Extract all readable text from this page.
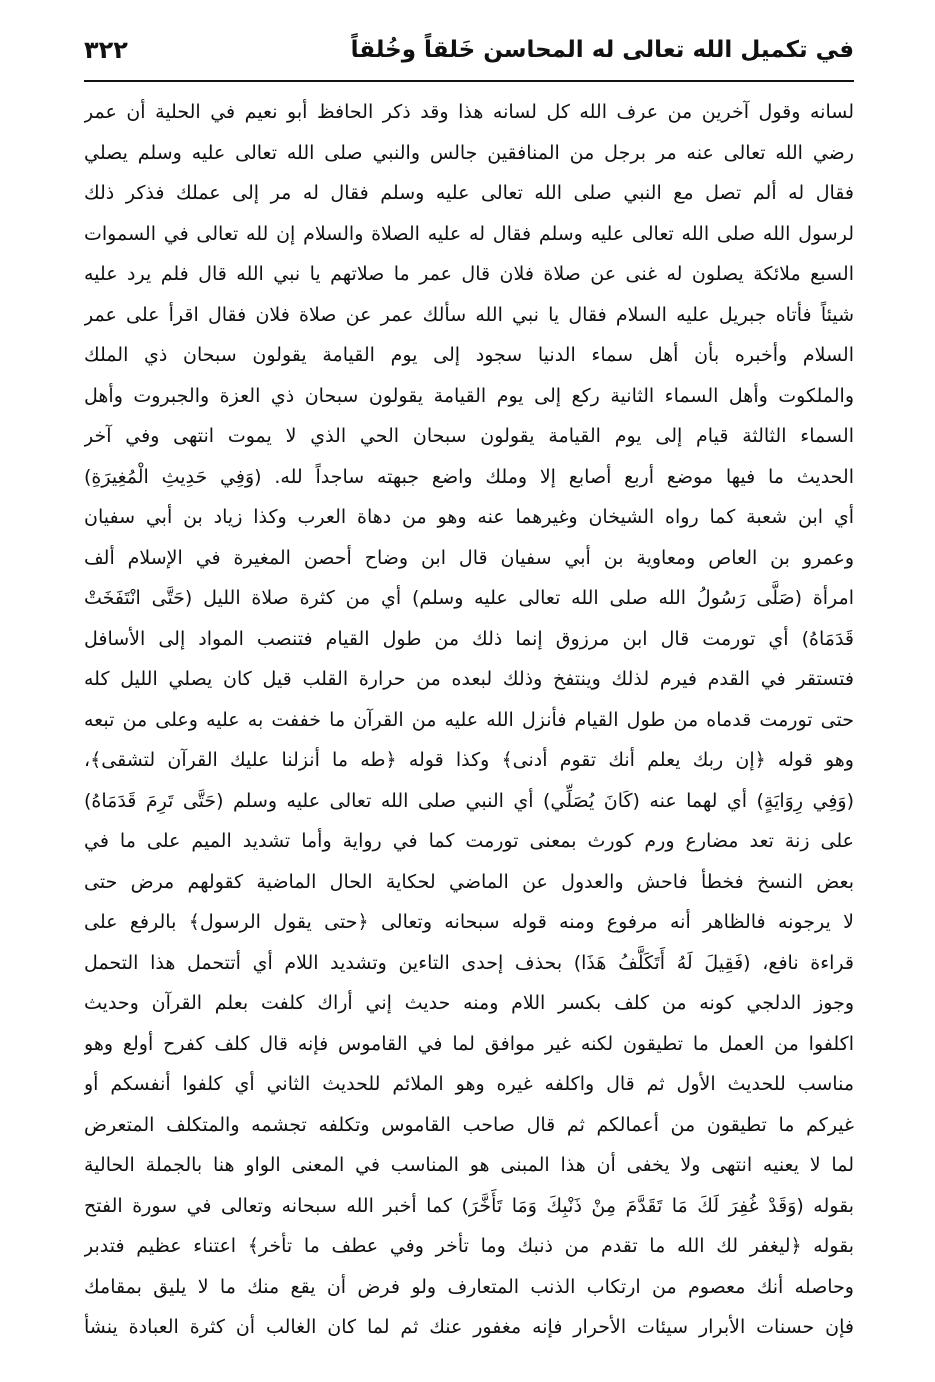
في تكميل الله تعالى له المحاسن خَلقاً وخُلقاً
٣٢٢
لسانه وقول آخرين من عرف الله كل لسانه هذا وقد ذكر الحافظ أبو نعيم في الحلية أن عمر
رضي الله تعالى عنه مر برجل من المنافقين جالس والنبي صلى الله تعالى عليه وسلم يصلي
فقال له ألم تصل مع النبي صلى الله تعالى عليه وسلم فقال له مر إلى عملك فذكر ذلك
لرسول الله صلى الله تعالى عليه وسلم فقال له عليه الصلاة والسلام إن لله تعالى في السموات
السبع ملائكة يصلون له غنى عن صلاة فلان قال عمر ما صلاتهم يا نبي الله قال فلم يرد عليه
شيئاً فأتاه جبريل عليه السلام فقال يا نبي الله سألك عمر عن صلاة فلان فقال اقرأ على عمر
السلام وأخبره بأن أهل سماء الدنيا سجود إلى يوم القيامة يقولون سبحان ذي الملك
والملكوت وأهل السماء الثانية ركع إلى يوم القيامة يقولون سبحان ذي العزة والجبروت وأهل
السماء الثالثة قيام إلى يوم القيامة يقولون سبحان الحي الذي لا يموت انتهى وفي آخر
الحديث ما فيها موضع أربع أصابع إلا وملك واضع جبهته ساجداً لله. (وَفِي حَدِيثِ الْمُغِيرَةِ)
أي ابن شعبة كما رواه الشيخان وغيرهما عنه وهو من دهاة العرب وكذا زياد بن أبي سفيان
وعمرو بن العاص ومعاوية بن أبي سفيان قال ابن وضاح أحصن المغيرة في الإسلام ألف
امرأة (صَلَّى رَسُولُ الله صلى الله تعالى عليه وسلم) أي من كثرة صلاة الليل (حَتَّى انْتَفَخَتْ
قَدَمَاهُ) أي تورمت قال ابن مرزوق إنما ذلك من طول القيام فتنصب المواد إلى الأسافل
فتستقر في القدم فيرم لذلك وينتفخ وذلك لبعده من حرارة القلب قيل كان يصلي الليل كله
حتى تورمت قدماه من طول القيام فأنزل الله عليه من القرآن ما خففت به عليه وعلى من تبعه
وهو قوله ﴿إن ربك يعلم أنك تقوم أدنى﴾ وكذا قوله ﴿طه ما أنزلنا عليك القرآن لتشقى﴾،
(وَفِي رِوَايَةٍ) أي لهما عنه (كَانَ يُصَلِّي) أي النبي صلى الله تعالى عليه وسلم (حَتَّى تَرِمَ قَدَمَاهُ)
على زنة تعد مضارع ورم كورث بمعنى تورمت كما في رواية وأما تشديد الميم على ما في
بعض النسخ فخطأ فاحش والعدول عن الماضي لحكاية الحال الماضية كقولهم مرض حتى
لا يرجونه فالظاهر أنه مرفوع ومنه قوله سبحانه وتعالى ﴿حتى يقول الرسول﴾ بالرفع على
قراءة نافع، (فَقِيلَ لَهُ أَتَكَلَّفُ هَذَا) بحذف إحدى التاءين وتشديد اللام أي أتتحمل هذا التحمل
وجوز الدلجي كونه من كلف بكسر اللام ومنه حديث إني أراك كلفت بعلم القرآن وحديث
اكلفوا من العمل ما تطيقون لكنه غير موافق لما في القاموس فإنه قال كلف كفرح أولع وهو
مناسب للحديث الأول ثم قال واكلفه غيره وهو الملائم للحديث الثاني أي كلفوا أنفسكم أو
غيركم ما تطيقون من أعمالكم ثم قال صاحب القاموس وتكلفه تجشمه والمتكلف المتعرض
لما لا يعنيه انتهى ولا يخفى أن هذا المبنى هو المناسب في المعنى الواو هنا بالجملة الحالية
بقوله (وَقَدْ غُفِرَ لَكَ مَا تَقَدَّمَ مِنْ ذَنْبِكَ وَمَا تَأَخَّرَ) كما أخبر الله سبحانه وتعالى في سورة الفتح
بقوله ﴿ليغفر لك الله ما تقدم من ذنبك وما تأخر وفي عطف ما تأخر﴾ اعتناء عظيم فتدبر
وحاصله أنك معصوم من ارتكاب الذنب المتعارف ولو فرض أن يقع منك ما لا يليق بمقامك
فإن حسنات الأبرار سيئات الأحرار فإنه مغفور عنك ثم لما كان الغالب أن كثرة العبادة ينشأ
